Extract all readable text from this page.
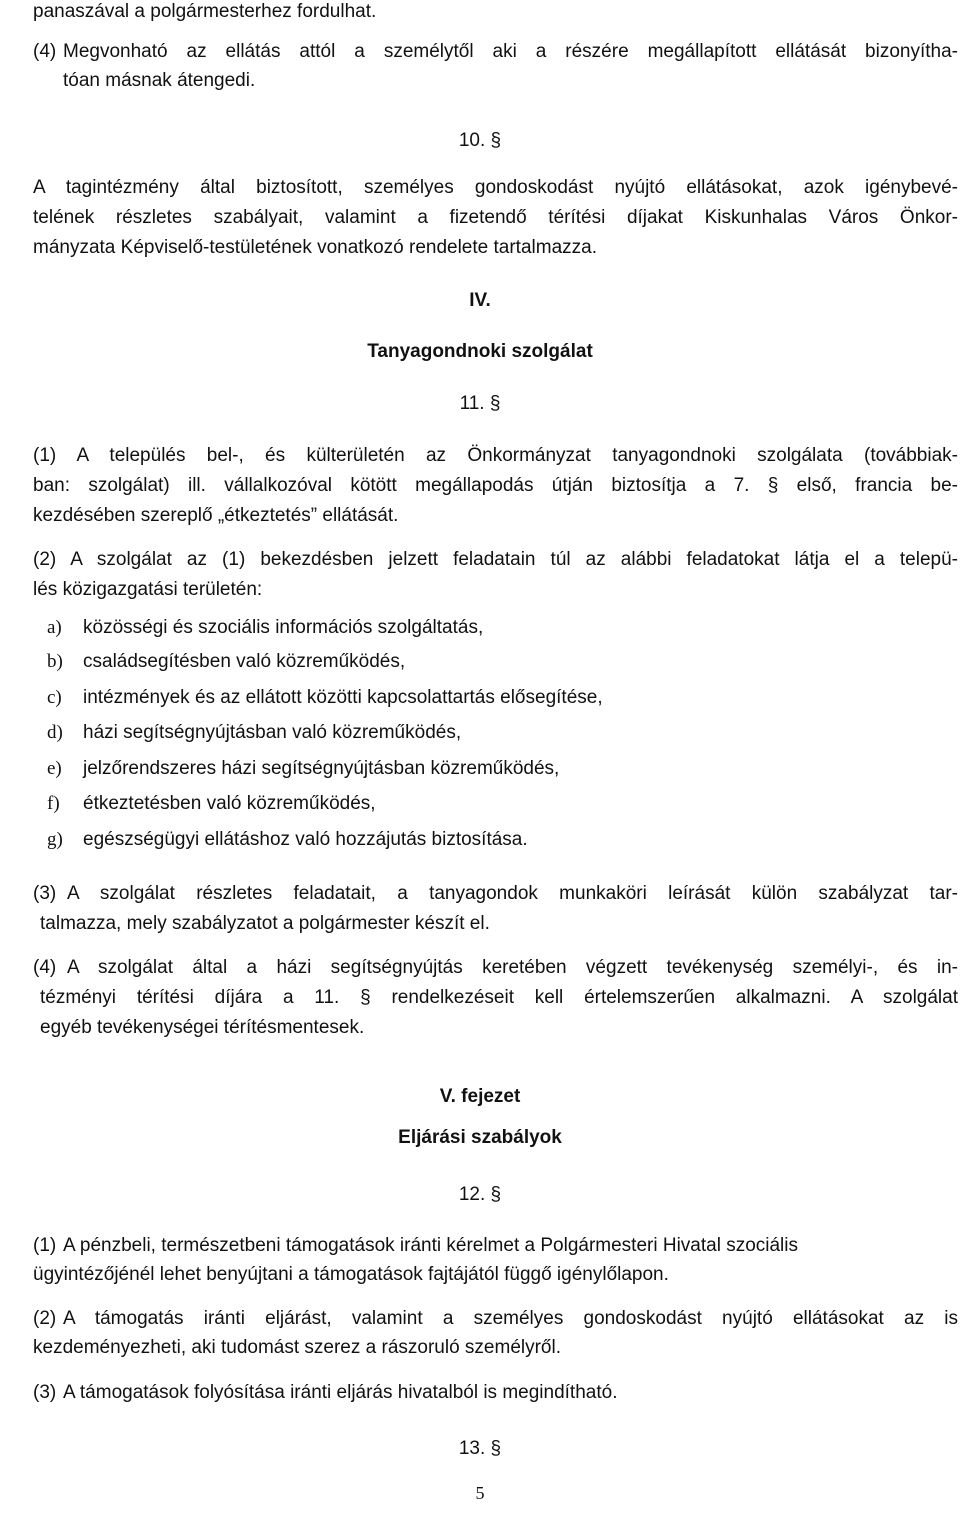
panaszával a polgármesterhez fordulhat.
(4) Megvonható az ellátás attól a személytől aki a részére megállapított ellátását bizonyítha-
tóan másnak átengedi.
10. §
A tagintézmény által biztosított, személyes gondoskodást nyújtó ellátásokat, azok igénybevé-
telének részletes szabályait, valamint a fizetendő térítési díjakat Kiskunhalas Város Önkor-
mányzata Képviselő-testületének vonatkozó rendelete tartalmazza.
IV.
Tanyagondnoki szolgálat
11. §
(1) A település bel-, és külterületén az Önkormányzat tanyagondnoki szolgálata (továbbiak-
ban: szolgálat) ill. vállalkozóval kötött megállapodás útján biztosítja a 7. § első, francia be-
kezdésében szereplő „étkeztetés” ellátását.
(2) A szolgálat az (1) bekezdésben jelzett feladatain túl az alábbi feladatokat látja el a telepü-
lés közigazgatási területén:
a) közösségi és szociális információs szolgáltatás,
b) családsegítésben való közreműködés,
c) intézmények és az ellátott közötti kapcsolattartás elősegítése,
d) házi segítségnyújtásban való közreműködés,
e) jelzőrendszeres házi segítségnyújtásban közreműködés,
f) étkeztetésben való közreműködés,
g) egészségügyi ellátáshoz való hozzájutás biztosítása.
(3) A szolgálat részletes feladatait, a tanyagondok munkaköri leírását külön szabályzat tar-
talmazza, mely szabályzatot a polgármester készít el.
(4) A szolgálat által a házi segítségnyújtás keretében végzett tevékenység személyi-, és in-
tézményi térítési díjára a 11. § rendelkezéseit kell értelemszerűen alkalmazni. A szolgálat
egyéb tevékenységei térítésmentesek.
V. fejezet
Eljárási szabályok
12. §
(1) A pénzbeli, természetbeni támogatások iránti kérelmet a Polgármesteri Hivatal szociális
ügyintézőjénél lehet benyújtani a támogatások fajtájától függő igénylőlapon.
(2) A támogatás iránti eljárást, valamint a személyes gondoskodást nyújtó ellátásokat az is
kezdeményezheti, aki tudomást szerez a rászoruló személyről.
(3) A támogatások folyósítása iránti eljárás hivatalból is megindítható.
13. §
5
